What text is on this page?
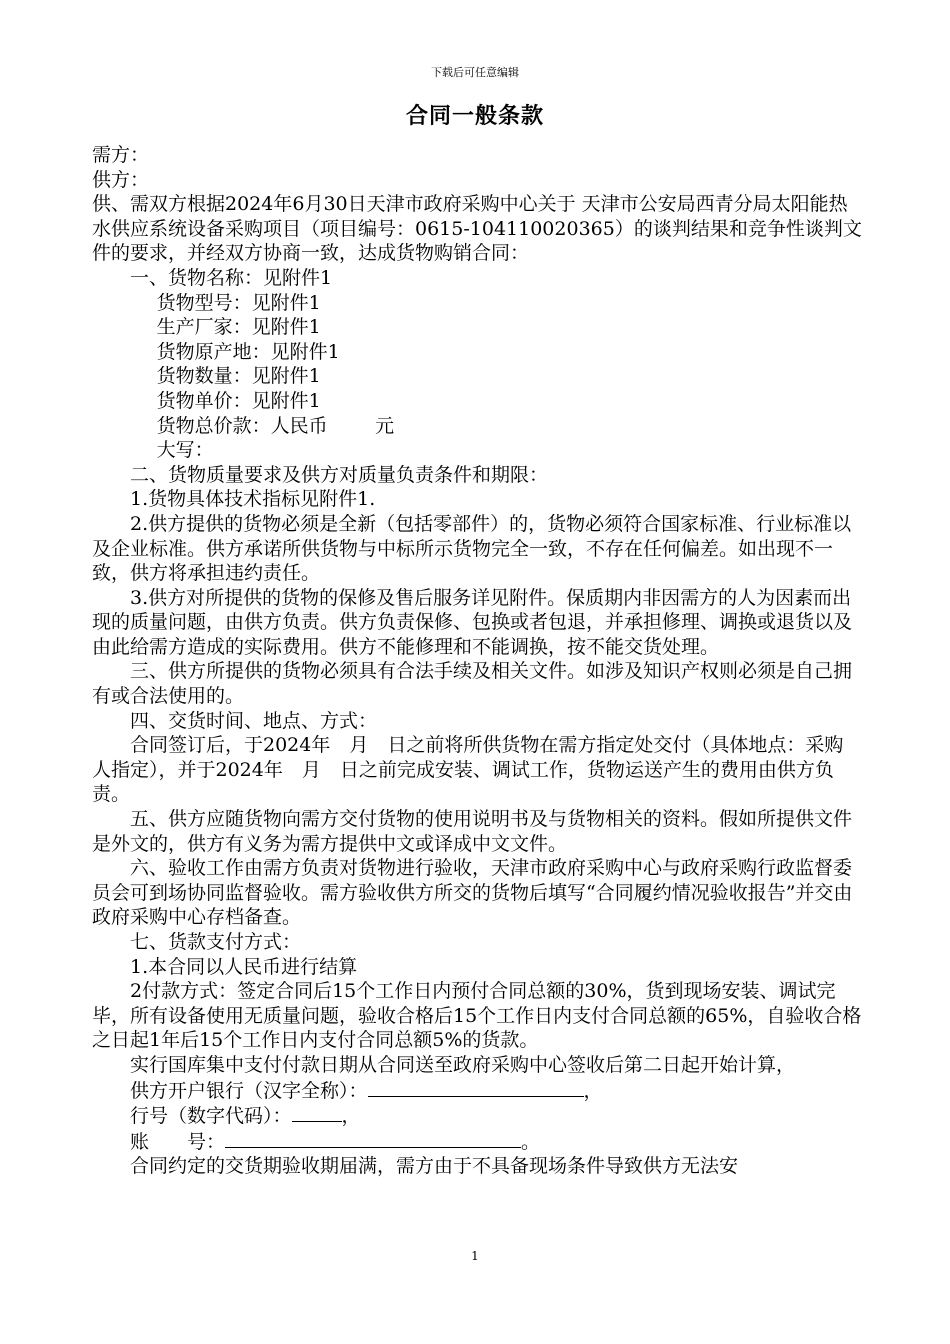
下载后可任意编辑
合同一般条款

需方：

供方：

供、需双方根据2024年6月30日天津市政府采购中心关于 天津市公安局西青分局太阳能热水供应系统设备采购项目（项目编号：0615-104110020365）的谈判结果和竞争性谈判文件的要求，并经双方协商一致，达成货物购销合同：

一、货物名称：见附件1

货物型号：见附件1

生产厂家：见附件1

货物原产地：见附件1

货物数量：见附件1

货物单价：见附件1

货物总价款：人民币	元

大写：

二、货物质量要求及供方对质量负责条件和期限：

1.货物具体技术指标见附件1.

2.供方提供的货物必须是全新（包括零部件）的，货物必须符合国家标准、行业标准以及企业标准。供方承诺所供货物与中标所示货物完全一致，不存在任何偏差。如出现不一致，供方将承担违约责任。

3.供方对所提供的货物的保修及售后服务详见附件。保质期内非因需方的人为因素而出现的质量问题，由供方负责。供方负责保修、包换或者包退，并承担修理、调换或退货以及由此给需方造成的实际费用。供方不能修理和不能调换，按不能交货处理。

三、供方所提供的货物必须具有合法手续及相关文件。如涉及知识产权则必须是自己拥有或合法使用的。

四、交货时间、地点、方式：

合同签订后，于2024年　月　日之前将所供货物在需方指定处交付（具体地点：采购人指定），并于2024年　月　日之前完成安装、调试工作，货物运送产生的费用由供方负责。

五、供方应随货物向需方交付货物的使用说明书及与货物相关的资料。假如所提供文件是外文的，供方有义务为需方提供中文或译成中文文件。

六、验收工作由需方负责对货物进行验收，天津市政府采购中心与政府采购行政监督委员会可到场协同监督验收。需方验收供方所交的货物后填写“合同履约情况验收报告”并交由政府采购中心存档备查。

七、货款支付方式：

1.本合同以人民币进行结算

2付款方式：签定合同后15个工作日内预付合同总额的30%，货到现场安装、调试完毕，所有设备使用无质量问题，验收合格后15个工作日内支付合同总额的65%，自验收合格之日起1年后15个工作日内支付合同总额5%的货款。

实行国库集中支付付款日期从合同送至政府采购中心签收后第二日起开始计算，

供方开户银行（汉字全称）：	，

行号（数字代码）：	，

账　　号：	。

合同约定的交货期验收期届满，需方由于不具备现场条件导致供方无法安

1
